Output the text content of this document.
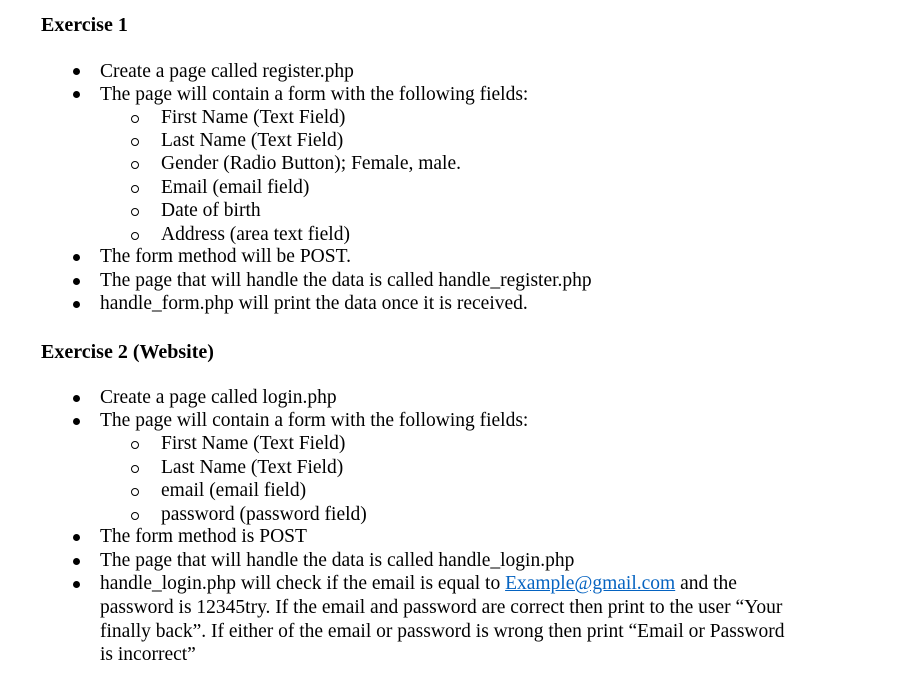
Exercise 1
Create a page called register.php
The page will contain a form with the following fields:
First Name (Text Field)
Last Name (Text Field)
Gender (Radio Button); Female, male.
Email (email field)
Date of birth
Address (area text field)
The form method will be POST.
The page that will handle the data is called handle_register.php
handle_form.php will print the data once it is received.
Exercise 2 (Website)
Create a page called login.php
The page will contain a form with the following fields:
First Name (Text Field)
Last Name (Text Field)
email (email field)
password (password field)
The form method is POST
The page that will handle the data is called handle_login.php
handle_login.php will check if the email is equal to Example@gmail.com and the
password is 12345try. If the email and password are correct then print to the user “Your
finally back”. If either of the email or password is wrong then print “Email or Password
is incorrect”
